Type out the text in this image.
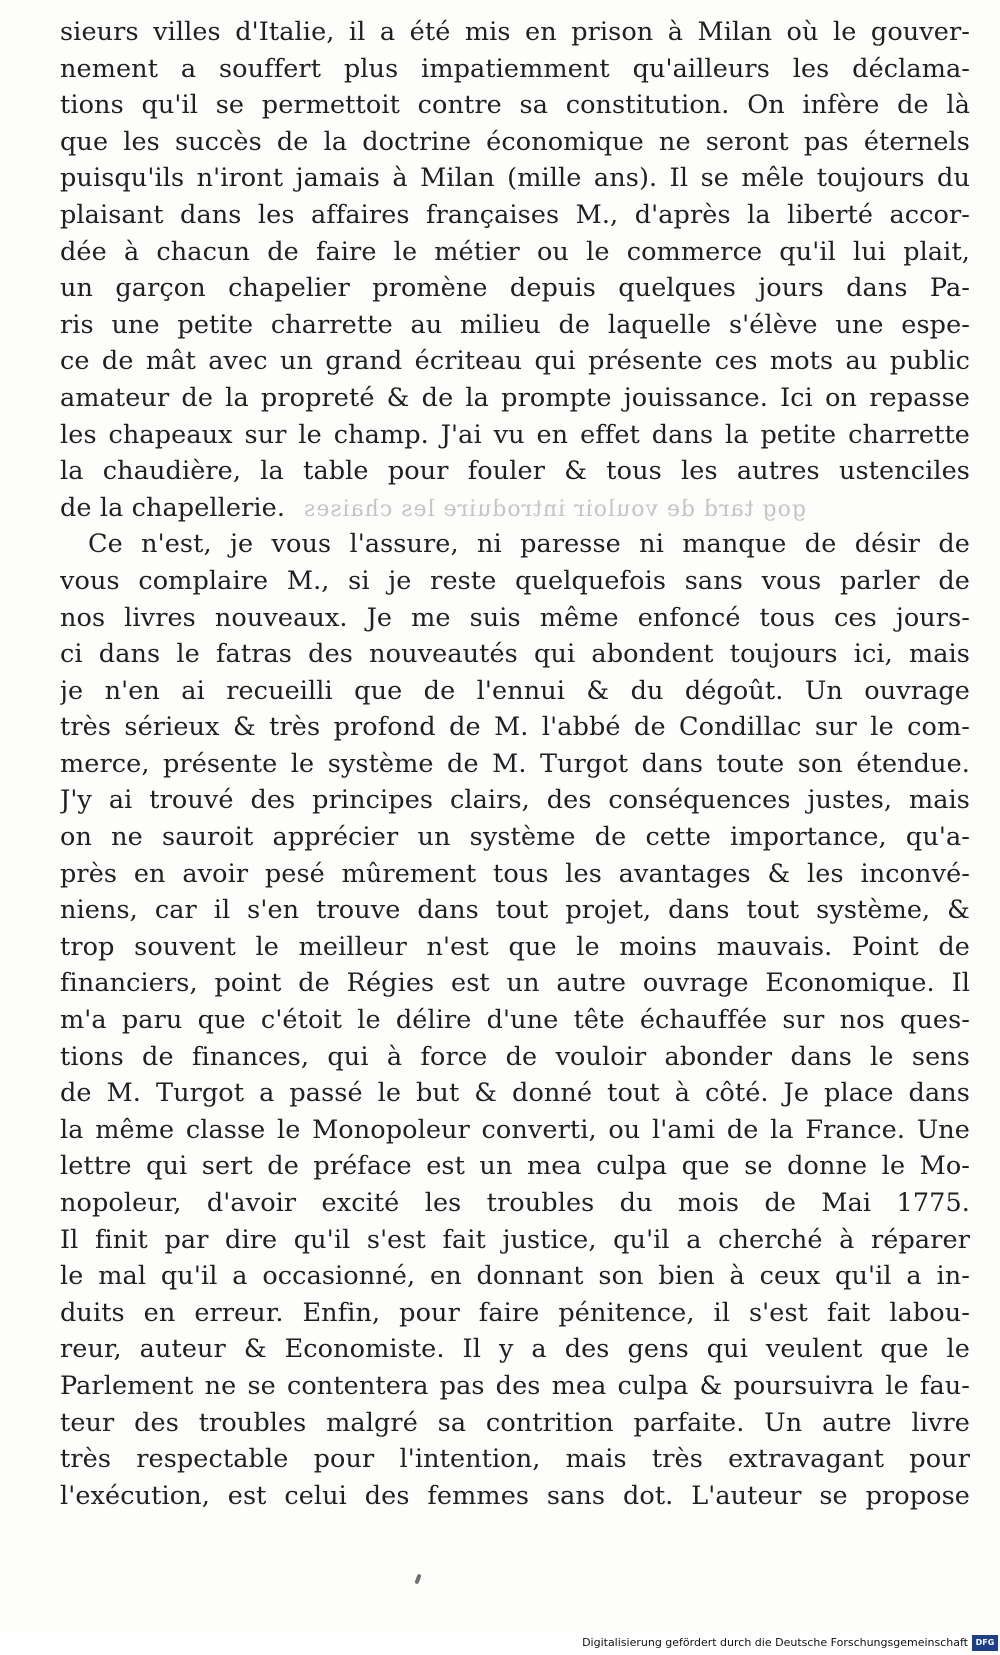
sieurs villes d'Italie, il a été mis en prison à Milan où le gouver-
nement a souffert plus impatiemment qu'ailleurs les déclama-
tions qu'il se permettoit contre sa constitution. On infère de là
que les succès de la doctrine économique ne seront pas éternels
puisqu'ils n'iront jamais à Milan (mille ans). Il se mêle toujours du
plaisant dans les affaires françaises M., d'après la liberté accor-
dée à chacun de faire le métier ou le commerce qu'il lui plait,
un garçon chapelier promène depuis quelques jours dans Pa-
ris une petite charrette au milieu de laquelle s'élève une espe-
ce de mât avec un grand écriteau qui présente ces mots au public
amateur de la propreté & de la prompte jouissance. Ici on repasse
les chapeaux sur le champ. J'ai vu en effet dans la petite charrette
la chaudière, la table pour fouler & tous les autres ustenciles
de la chapellerie. gog tard de vouloir introduire les chaises
Ce n'est, je vous l'assure, ni paresse ni manque de désir de
vous complaire M., si je reste quelquefois sans vous parler de
nos livres nouveaux. Je me suis même enfoncé tous ces jours-
ci dans le fatras des nouveautés qui abondent toujours ici, mais
je n'en ai recueilli que de l'ennui & du dégoût. Un ouvrage
très sérieux & très profond de M. l'abbé de Condillac sur le com-
merce, présente le système de M. Turgot dans toute son étendue.
J'y ai trouvé des principes clairs, des conséquences justes, mais
on ne sauroit apprécier un système de cette importance, qu'a-
près en avoir pesé mûrement tous les avantages & les inconvé-
niens, car il s'en trouve dans tout projet, dans tout système, &
trop souvent le meilleur n'est que le moins mauvais. Point de
financiers, point de Régies est un autre ouvrage Economique. Il
m'a paru que c'étoit le délire d'une tête échauffée sur nos ques-
tions de finances, qui à force de vouloir abonder dans le sens
de M. Turgot a passé le but & donné tout à côté. Je place dans
la même classe le Monopoleur converti, ou l'ami de la France. Une
lettre qui sert de préface est un mea culpa que se donne le Mo-
nopoleur, d'avoir excité les troubles du mois de Mai 1775.
Il finit par dire qu'il s'est fait justice, qu'il a cherché à réparer
le mal qu'il a occasionné, en donnant son bien à ceux qu'il a in-
duits en erreur. Enfin, pour faire pénitence, il s'est fait labou-
reur, auteur & Economiste. Il y a des gens qui veulent que le
Parlement ne se contentera pas des mea culpa & poursuivra le fau-
teur des troubles malgré sa contrition parfaite. Un autre livre
très respectable pour l'intention, mais très extravagant pour
l'exécution, est celui des femmes sans dot. L'auteur se propose
Digitalisierung gefördert durch die Deutsche Forschungsgemeinschaft DFG
